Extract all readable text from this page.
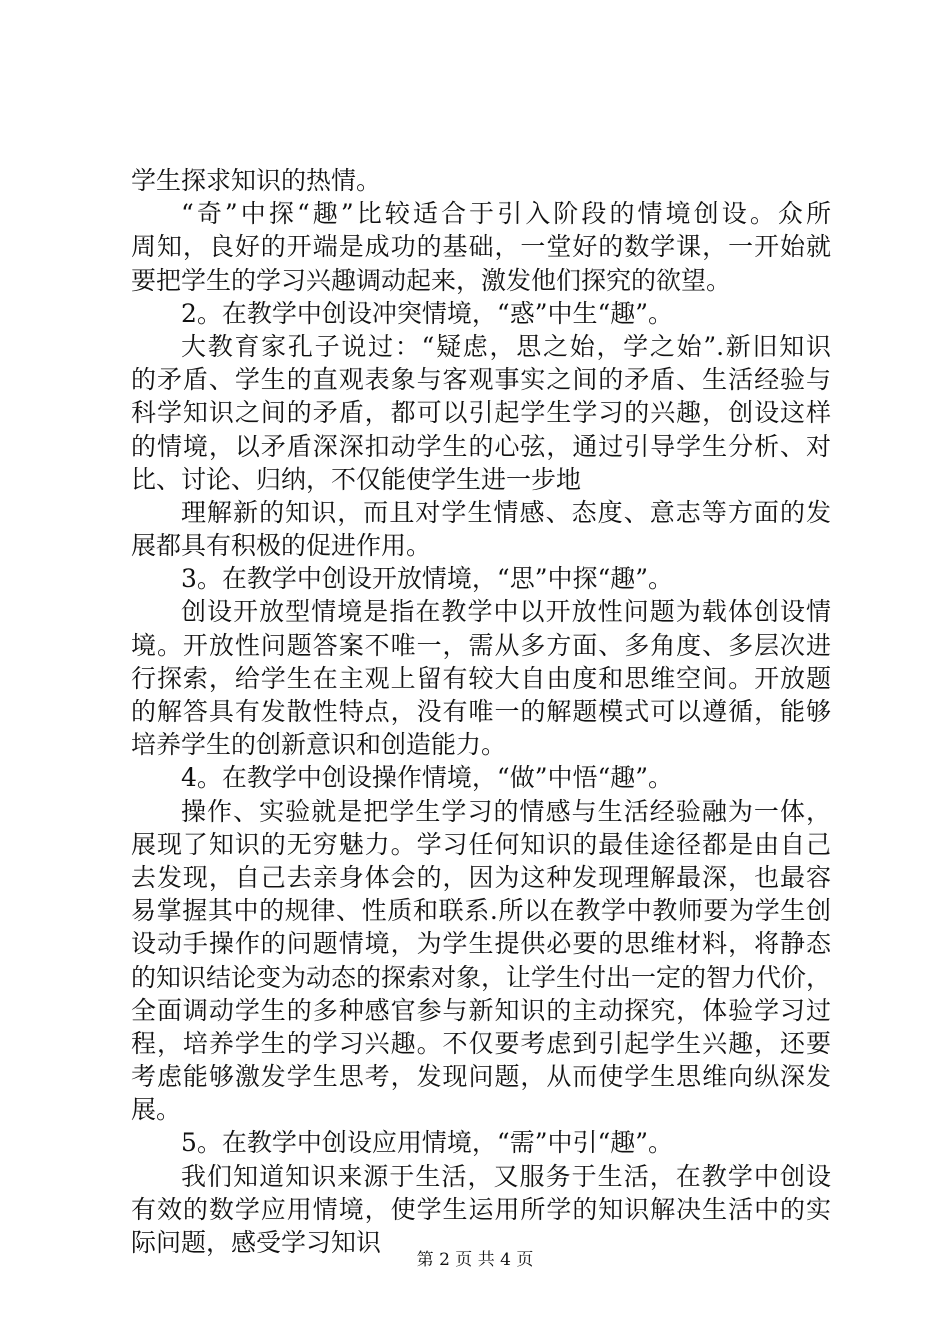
学生探求知识的热情。
“奇”中探“趣”比较适合于引入阶段的情境创设。众所
周知，良好的开端是成功的基础，一堂好的数学课，一开始就
要把学生的学习兴趣调动起来，激发他们探究的欲望。
2。在教学中创设冲突情境，“惑”中生“趣”。
大教育家孔子说过：“疑虑，思之始，学之始”.新旧知识
的矛盾、学生的直观表象与客观事实之间的矛盾、生活经验与
科学知识之间的矛盾，都可以引起学生学习的兴趣，创设这样
的情境，以矛盾深深扣动学生的心弦，通过引导学生分析、对
比、讨论、归纳，不仅能使学生进一步地
理解新的知识，而且对学生情感、态度、意志等方面的发
展都具有积极的促进作用。
3。在教学中创设开放情境，“思”中探“趣”。
创设开放型情境是指在教学中以开放性问题为载体创设情
境。开放性问题答案不唯一，需从多方面、多角度、多层次进
行探索，给学生在主观上留有较大自由度和思维空间。开放题
的解答具有发散性特点，没有唯一的解题模式可以遵循，能够
培养学生的创新意识和创造能力。
4。在教学中创设操作情境，“做”中悟“趣”。
操作、实验就是把学生学习的情感与生活经验融为一体，
展现了知识的无穷魅力。学习任何知识的最佳途径都是由自己
去发现，自己去亲身体会的，因为这种发现理解最深，也最容
易掌握其中的规律、性质和联系.所以在教学中教师要为学生创
设动手操作的问题情境，为学生提供必要的思维材料，将静态
的知识结论变为动态的探索对象，让学生付出一定的智力代价，
全面调动学生的多种感官参与新知识的主动探究，体验学习过
程，培养学生的学习兴趣。不仅要考虑到引起学生兴趣，还要
考虑能够激发学生思考，发现问题，从而使学生思维向纵深发
展。
5。在教学中创设应用情境，“需”中引“趣”。
我们知道知识来源于生活，又服务于生活，在教学中创设
有效的数学应用情境，使学生运用所学的知识解决生活中的实
际问题，感受学习知识
第 2 页 共 4 页
